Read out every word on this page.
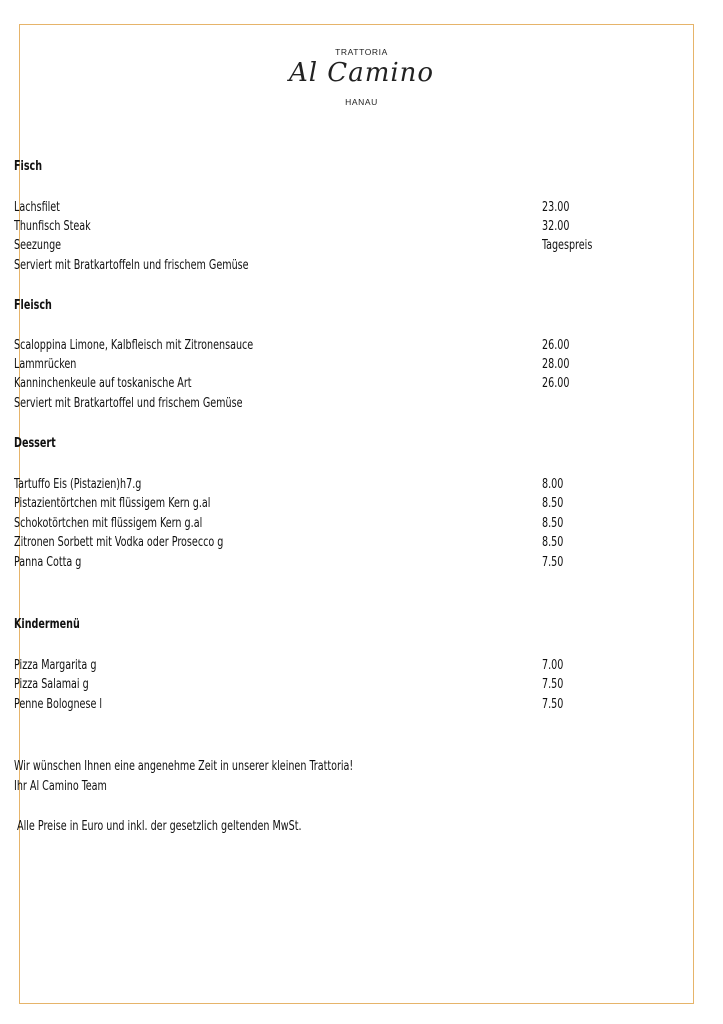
TRATTORIA
Al Camino
HANAU
Fisch
Lachsfilet	23.00
Thunfisch Steak	32.00
Seezunge	Tagespreis
Serviert mit Bratkartoffeln und frischem Gemüse
Fleisch
Scaloppina Limone, Kalbfleisch mit Zitronensauce	26.00
Lammrücken	28.00
Kanninchenkeule auf toskanische Art	26.00
Serviert mit Bratkartoffel und frischem Gemüse
Dessert
Tartuffo Eis (Pistazien)h7.g	8.00
Pistazientörtchen mit flüssigem Kern g.al	8.50
Schokotörtchen mit flüssigem Kern g.al	8.50
Zitronen Sorbett mit Vodka oder Prosecco g	8.50
Panna Cotta g	7.50
Kindermenü
Pizza Margarita g	7.00
Pizza Salamai g	7.50
Penne Bolognese l	7.50
Wir wünschen Ihnen eine angenehme Zeit in unserer kleinen Trattoria!
Ihr Al Camino Team
Alle Preise in Euro und inkl. der gesetzlich geltenden MwSt.
